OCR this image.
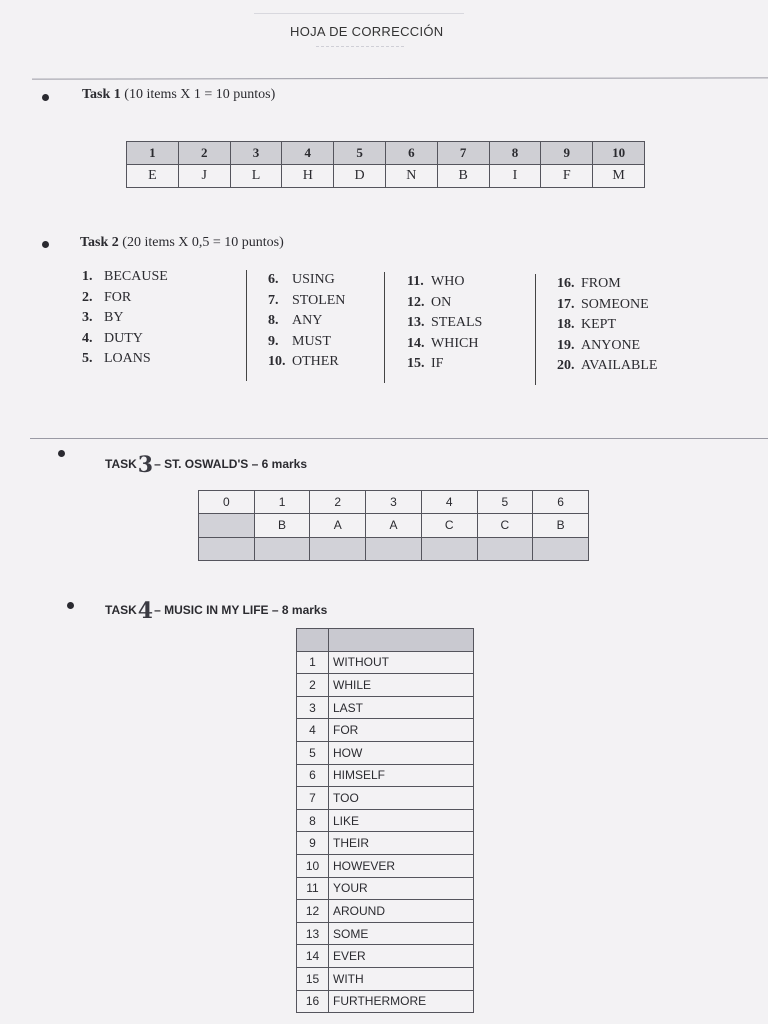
HOJA DE CORRECCIÓN
Task 1 (10 items X 1 = 10 puntos)
1	2	3	4	5	6	7	8	9	10
E	J	L	H	D	N	B	I	F	M
Task 2 (20 items X 0,5 = 10 puntos)
1. BECAUSE
2. FOR
3. BY
4. DUTY
5. LOANS
6. USING
7. STOLEN
8. ANY
9. MUST
10. OTHER
11. WHO
12. ON
13. STEALS
14. WHICH
15. IF
16. FROM
17. SOMEONE
18. KEPT
19. ANYONE
20. AVAILABLE
TASK3– ST. OSWALD'S – 6 marks
0	1	2	3	4	5	6
	B	A	A	C	C	B

TASK4– MUSIC IN MY LIFE – 8 marks

1	WITHOUT
2	WHILE
3	LAST
4	FOR
5	HOW
6	HIMSELF
7	TOO
8	LIKE
9	THEIR
10	HOWEVER
11	YOUR
12	AROUND
13	SOME
14	EVER
15	WITH
16	FURTHERMORE
